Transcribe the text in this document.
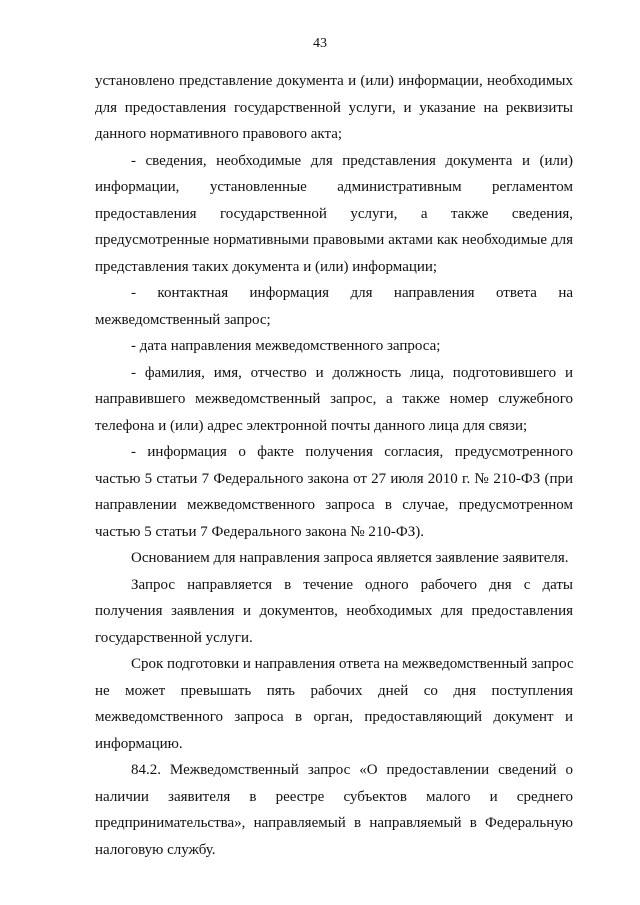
43

установлено представление документа и (или) информации, необходимых
для предоставления государственной услуги, и указание на реквизиты
данного нормативного правового акта;

- сведения, необходимые для представления документа и (или)
информации, установленные административным регламентом
предоставления государственной услуги, а также сведения,
предусмотренные нормативными правовыми актами как необходимые для
представления таких документа и (или) информации;

- контактная информация для направления ответа на
межведомственный запрос;

- дата направления межведомственного запроса;

- фамилия, имя, отчество и должность лица, подготовившего и
направившего межведомственный запрос, а также номер служебного
телефона и (или) адрес электронной почты данного лица для связи;

- информация о факте получения согласия, предусмотренного
частью 5 статьи 7 Федерального закона от 27 июля 2010 г. № 210-ФЗ (при
направлении межведомственного запроса в случае, предусмотренном
частью 5 статьи 7 Федерального закона № 210-ФЗ).

Основанием для направления запроса является заявление заявителя.

Запрос направляется в течение одного рабочего дня с даты
получения заявления и документов, необходимых для предоставления
государственной услуги.

Срок подготовки и направления ответа на межведомственный запрос
не может превышать пять рабочих дней со дня поступления
межведомственного запроса в орган, предоставляющий документ и
информацию.

84.2. Межведомственный запрос «О предоставлении сведений о
наличии заявителя в реестре субъектов малого и среднего
предпринимательства», направляемый в направляемый в Федеральную
налоговую службу.
